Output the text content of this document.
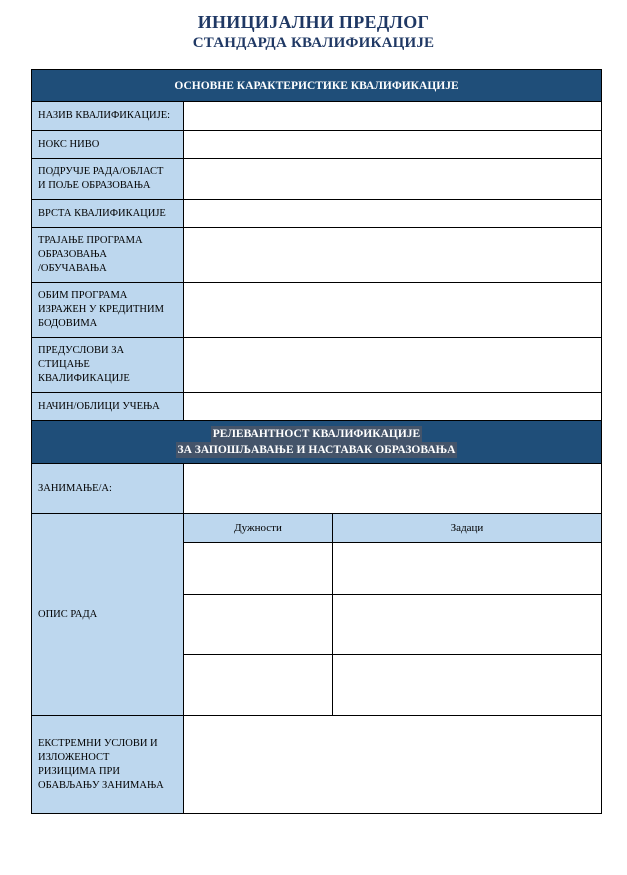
ИНИЦИЈАЛНИ ПРЕДЛОГ
СТАНДАРДА КВАЛИФИКАЦИЈЕ
ОСНОВНЕ КАРАКТЕРИСТИКЕ КВАЛИФИКАЦИЈЕ
НАЗИВ КВАЛИФИКАЦИЈЕ:
НОКС НИВО
ПОДРУЧЈЕ РАДА/ОБЛАСТ
И ПОЉЕ ОБРАЗОВАЊА
ВРСТА КВАЛИФИКАЦИЈЕ
ТРАЈАЊЕ ПРОГРАМА
ОБРАЗОВАЊА
/ОБУЧАВАЊА
ОБИМ ПРОГРАМА
ИЗРАЖЕН У КРЕДИТНИМ
БОДОВИМА
ПРЕДУСЛОВИ ЗА
СТИЦАЊЕ
КВАЛИФИКАЦИЈЕ
НАЧИН/ОБЛИЦИ УЧЕЊА
РЕЛЕВАНТНОСТ КВАЛИФИКАЦИЈЕ
ЗА ЗАПОШЉАВАЊЕ И НАСТАВАК ОБРАЗОВАЊА
ЗАНИМАЊЕ/А:
ОПИС РАДА
Дужности	Задаци
ЕКСТРЕМНИ УСЛОВИ И
ИЗЛОЖЕНОСТ
РИЗИЦИМА ПРИ
ОБАВЉАЊУ ЗАНИМАЊА
